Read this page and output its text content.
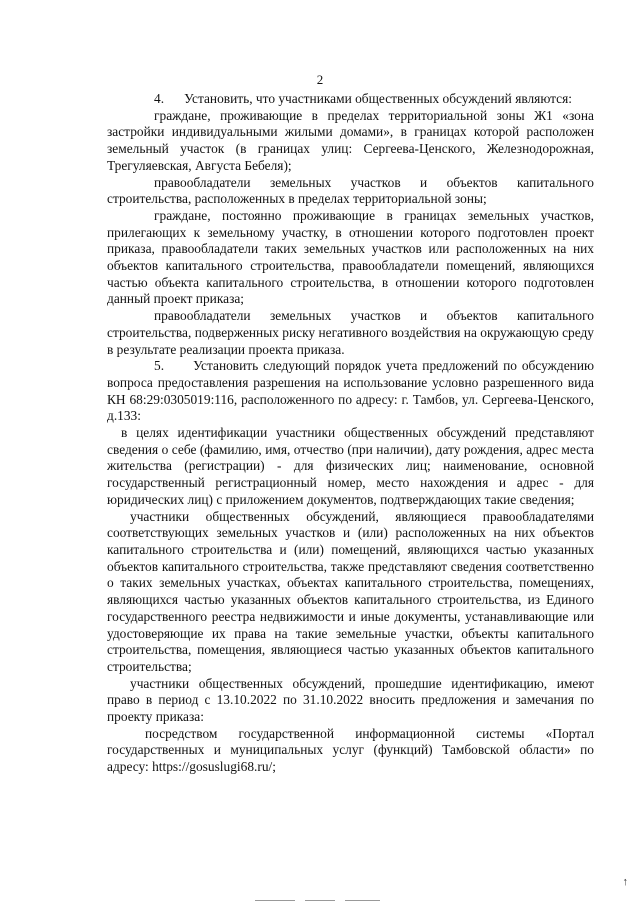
2

4.      Установить, что участниками общественных обсуждений являются:

граждане, проживающие в пределах территориальной зоны Ж1 «зона застройки индивидуальными жилыми домами», в границах которой расположен земельный участок (в границах улиц: Сергеева-Ценского, Железнодорожная, Трегуляевская, Августа Бебеля);

правообладатели земельных участков и объектов капитального строительства, расположенных в пределах территориальной зоны;

граждане, постоянно проживающие в границах земельных участков, прилегающих к земельному участку, в отношении которого подготовлен проект приказа, правообладатели таких земельных участков или расположенных на них объектов капитального строительства, правообладатели помещений, являющихся частью объекта капитального строительства, в отношении которого подготовлен данный проект приказа;

правообладатели земельных участков и объектов капитального строительства, подверженных риску негативного воздействия на окружающую среду в результате реализации проекта приказа.

5.      Установить следующий порядок учета предложений по обсуждению вопроса предоставления разрешения на использование условно разрешенного вида КН 68:29:0305019:116, расположенного по адресу: г. Тамбов, ул. Сергеева-Ценского, д.133:

в целях идентификации участники общественных обсуждений представляют сведения о себе (фамилию, имя, отчество (при наличии), дату рождения, адрес места жительства (регистрации) - для физических лиц; наименование, основной государственный регистрационный номер, место нахождения и адрес - для юридических лиц) с приложением документов, подтверждающих такие сведения;

участники общественных обсуждений, являющиеся правообладателями соответствующих земельных участков и (или) расположенных на них объектов капитального строительства и (или) помещений, являющихся частью указанных объектов капитального строительства, также представляют сведения соответственно о таких земельных участках, объектах капитального строительства, помещениях, являющихся частью указанных объектов капитального строительства, из Единого государственного реестра недвижимости и иные документы, устанавливающие или удостоверяющие их права на такие земельные участки, объекты капитального строительства, помещения, являющиеся частью указанных объектов капитального строительства;

участники общественных обсуждений, прошедшие идентификацию, имеют право в период с 13.10.2022 по 31.10.2022 вносить предложения и замечания по проекту приказа:

посредством государственной информационной системы «Портал государственных и муниципальных услуг (функций) Тамбовской области» по адресу: https://gosuslugi68.ru/;

↑
